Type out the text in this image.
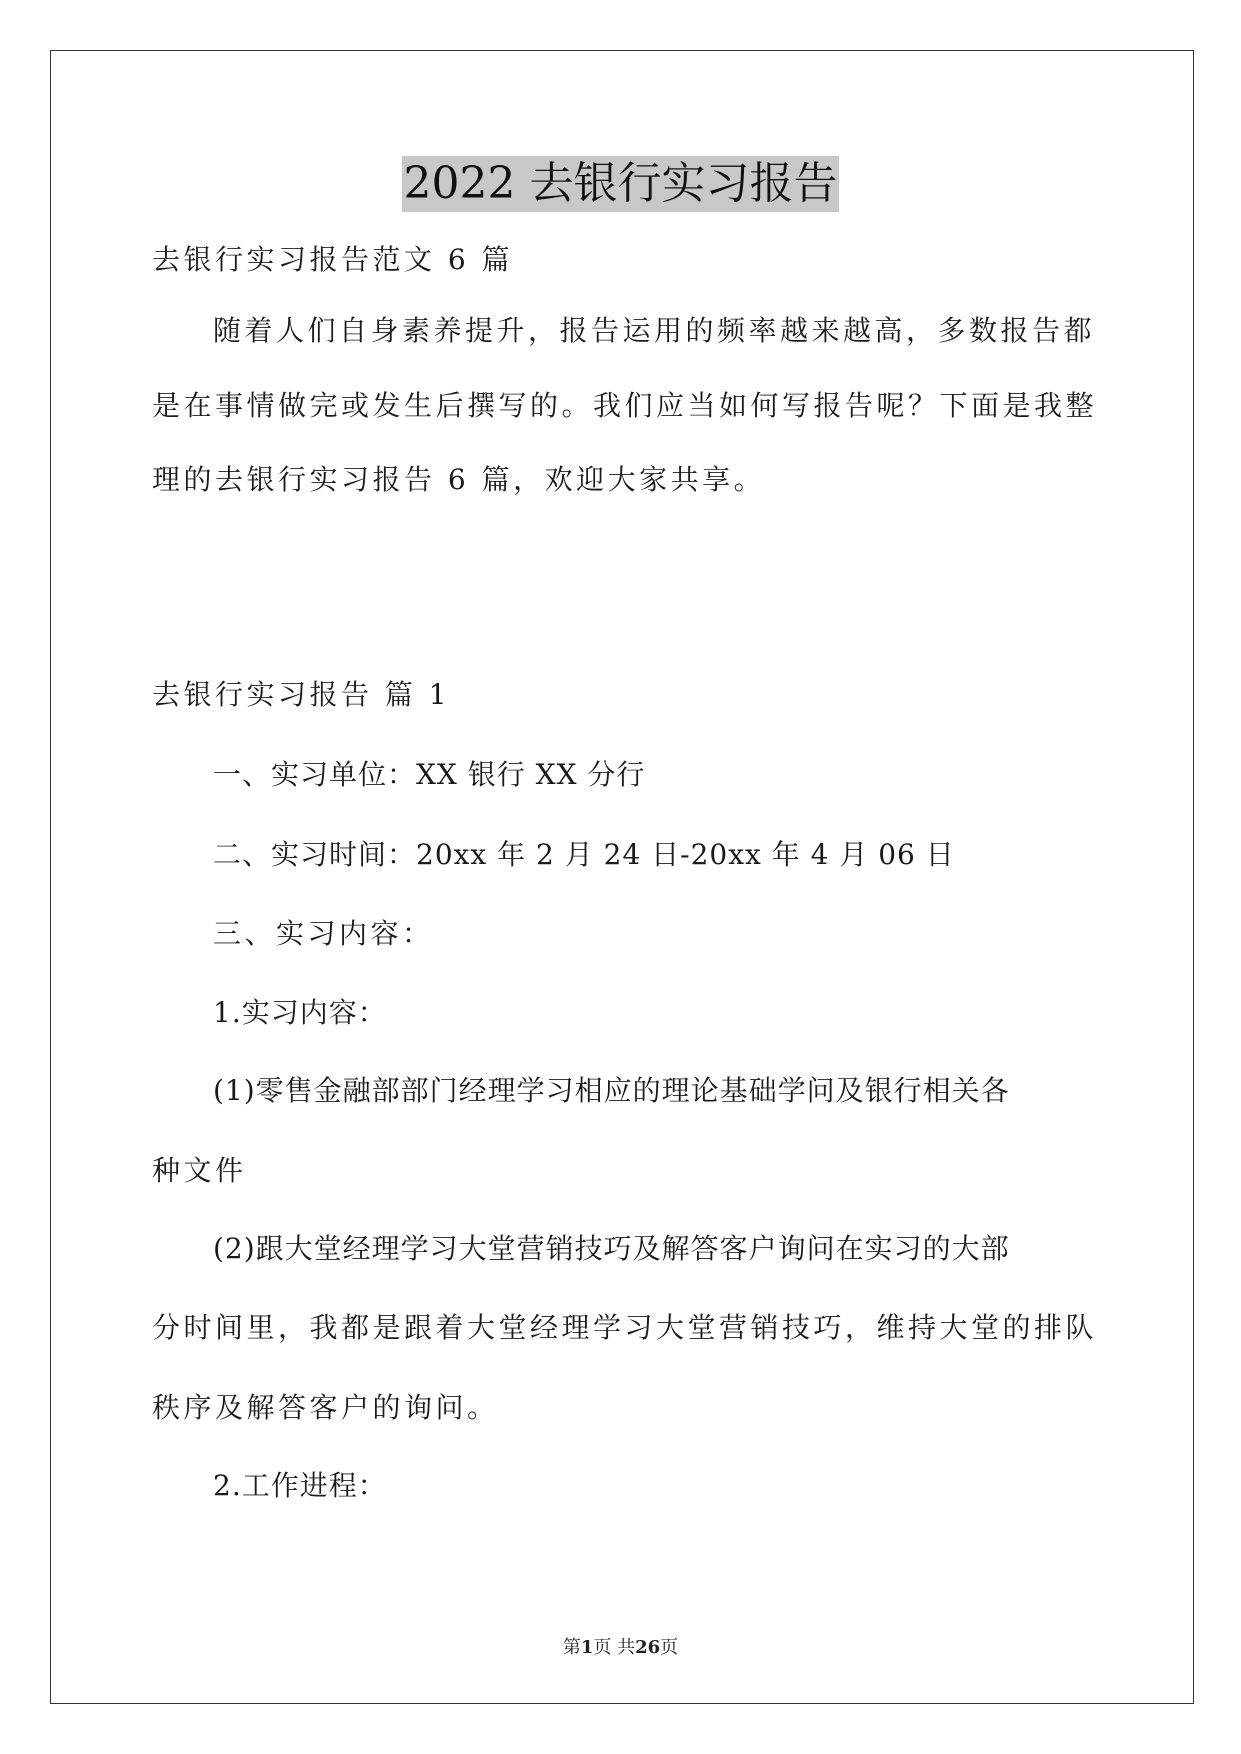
2022 去银行实习报告
去银行实习报告范文 6 篇
随着人们自身素养提升，报告运用的频率越来越高，多数报告都
是在事情做完或发生后撰写的。我们应当如何写报告呢？下面是我整
理的去银行实习报告 6 篇，欢迎大家共享。
去银行实习报告 篇 1
一、实习单位：XX 银行 XX 分行
二、实习时间：20xx 年 2 月 24 日-20xx 年 4 月 06 日
三、实习内容：
1.实习内容：
(1)零售金融部部门经理学习相应的理论基础学问及银行相关各
种文件
(2)跟大堂经理学习大堂营销技巧及解答客户询问在实习的大部
分时间里，我都是跟着大堂经理学习大堂营销技巧，维持大堂的排队
秩序及解答客户的询问。
2.工作进程：
第1页 共26页
